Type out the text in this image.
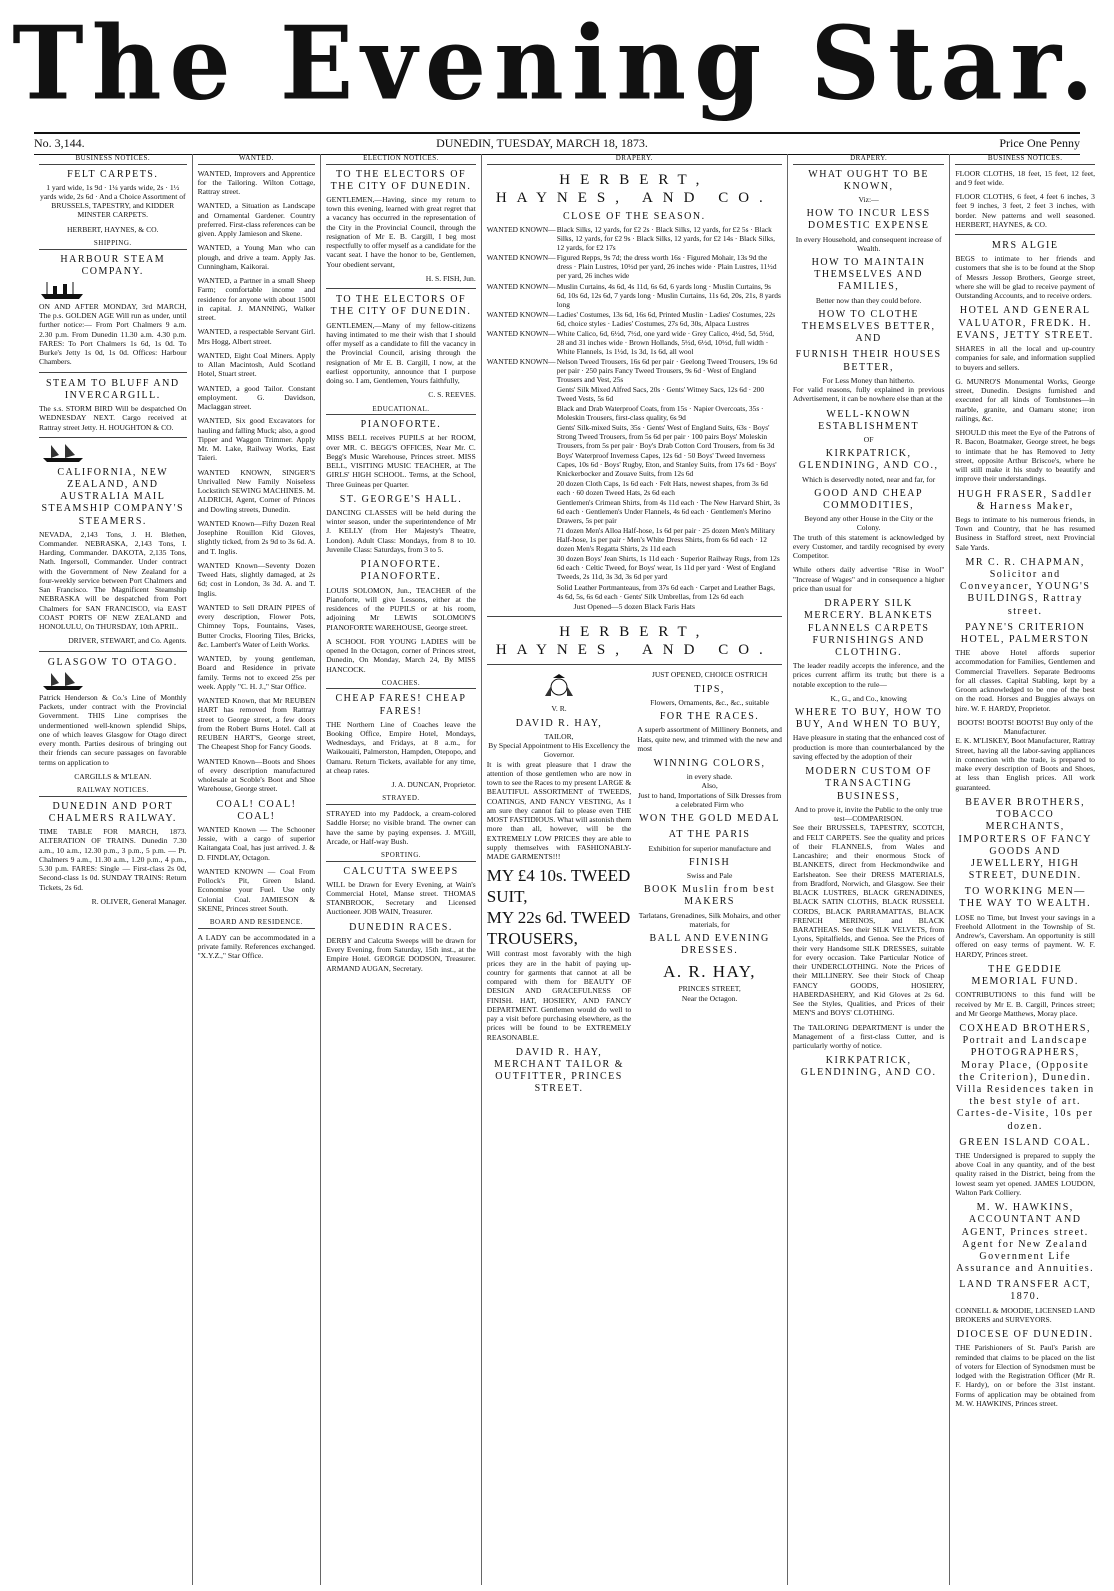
The Evening Star.
No. 3,144.	DUNEDIN, TUESDAY, MARCH 18, 1873.	Price One Penny
BUSINESS NOTICES.
FELT CARPETS.
1 yard wide, 1s 9d · 1¼ yards wide, 2s · 1½ yards wide, 2s 6d · And a Choice Assortment of BRUSSELS, TAPESTRY, and KIDDER MINSTER CARPETS.
HERBERT, HAYNES, & CO.
SHIPPING.
HARBOUR STEAM COMPANY.
ON AND AFTER MONDAY, 3rd MARCH, The p.s. GOLDEN AGE Will run as under, until further notice:— From Port Chalmers 9 a.m. 2.30 p.m. From Dunedin 11.30 a.m. 4.30 p.m. FARES: To Port Chalmers 1s 6d, 1s 0d. To Burke's Jetty 1s 0d, 1s 0d. Offices: Harbour Chambers.
STEAM TO BLUFF AND INVERCARGILL.
The s.s. STORM BIRD Will be despatched On WEDNESDAY NEXT. Cargo received at Rattray street Jetty. H. HOUGHTON & CO.
CALIFORNIA, NEW ZEALAND, AND AUSTRALIA MAIL STEAMSHIP COMPANY'S STEAMERS.
NEVADA, 2,143 Tons, J. H. Blethen, Commander. NEBRASKA, 2,143 Tons, I. Harding, Commander. DAKOTA, 2,135 Tons, Nath. Ingersoll, Commander. Under contract with the Government of New Zealand for a four-weekly service between Port Chalmers and San Francisco. The Magnificent Steamship NEBRASKA will be despatched from Port Chalmers for SAN FRANCISCO, via EAST COAST PORTS OF NEW ZEALAND and HONOLULU, On THURSDAY, 10th APRIL.
DRIVER, STEWART, and Co. Agents.
GLASGOW TO OTAGO.
Patrick Henderson & Co.'s Line of Monthly Packets, under contract with the Provincial Government. THIS Line comprises the undermentioned well-known splendid Ships, one of which leaves Glasgow for Otago direct every month. Parties desirous of bringing out their friends can secure passages on favorable terms on application to
CARGILLS & M'LEAN.
RAILWAY NOTICES.
DUNEDIN AND PORT CHALMERS RAILWAY.
TIME TABLE FOR MARCH, 1873. ALTERATION OF TRAINS. Dunedin 7.30 a.m., 10 a.m., 12.30 p.m., 3 p.m., 5 p.m. — Pt. Chalmers 9 a.m., 11.30 a.m., 1.20 p.m., 4 p.m., 5.30 p.m. FARES: Single — First-class 2s 0d, Second-class 1s 0d. SUNDAY TRAINS: Return Tickets, 2s 6d.
R. OLIVER, General Manager.
WANTED.
WANTED, Improvers and Apprentice for the Tailoring. Wilton Cottage, Rattray street.
WANTED, a Situation as Landscape and Ornamental Gardener. Country preferred. First-class references can be given. Apply Jamieson and Skene.
WANTED, a Young Man who can plough, and drive a team. Apply Jas. Cunningham, Kaikorai.
WANTED, a Partner in a small Sheep Farm; comfortable income and residence for anyone with about 1500l in capital. J. MANNING, Walker street.
WANTED, a respectable Servant Girl. Mrs Hogg, Albert street.
WANTED, Eight Coal Miners. Apply to Allan Macintosh, Auld Scotland Hotel, Stuart street.
WANTED, a good Tailor. Constant employment. G. Davidson, Maclaggan street.
WANTED, Six good Excavators for hauling and falling Muck; also, a good Tipper and Waggon Trimmer. Apply Mr. M. Lake, Railway Works, East Taieri.
WANTED KNOWN, SINGER'S Unrivalled New Family Noiseless Lockstitch SEWING MACHINES. M. ALDRICH, Agent, Corner of Princes and Dowling streets, Dunedin.
WANTED Known—Fifty Dozen Real Josephine Rouillon Kid Gloves, slightly ticked, from 2s 9d to 3s 6d. A. and T. Inglis.
WANTED Known—Seventy Dozen Tweed Hats, slightly damaged, at 2s 6d; cost in London, 3s 3d. A. and T. Inglis.
WANTED to Sell DRAIN PIPES of every description, Flower Pots, Chimney Tops, Fountains, Vases, Butter Crocks, Flooring Tiles, Bricks, &c. Lambert's Water of Leith Works.
WANTED, by young gentleman, Board and Residence in private family. Terms not to exceed 25s per week. Apply "C. H. J.," Star Office.
WANTED Known, that Mr REUBEN HART has removed from Rattray street to George street, a few doors from the Robert Burns Hotel. Call at REUBEN HART'S, George street, The Cheapest Shop for Fancy Goods.
WANTED Known—Boots and Shoes of every description manufactured wholesale at Scoble's Boot and Shoe Warehouse, George street.
COAL! COAL! COAL!
WANTED Known — The Schooner Jessie, with a cargo of superior Kaitangata Coal, has just arrived. J. & D. FINDLAY, Octagon.
WANTED KNOWN — Coal From Pollock's Pit, Green Island. Economise your Fuel. Use only Colonial Coal. JAMIESON & SKENE, Princes street South.
BOARD AND RESIDENCE.
A LADY can be accommodated in a private family. References exchanged. "X.Y.Z.," Star Office.
ELECTION NOTICES.
TO THE ELECTORS OF THE CITY OF DUNEDIN.
GENTLEMEN,—Having, since my return to town this evening, learned with great regret that a vacancy has occurred in the representation of the City in the Provincial Council, through the resignation of Mr E. B. Cargill, I beg most respectfully to offer myself as a candidate for the vacant seat. I have the honor to be, Gentlemen, Your obedient servant,
H. S. FISH, Jun.
TO THE ELECTORS OF THE CITY OF DUNEDIN.
GENTLEMEN,—Many of my fellow-citizens having intimated to me their wish that I should offer myself as a candidate to fill the vacancy in the Provincial Council, arising through the resignation of Mr E. B. Cargill, I now, at the earliest opportunity, announce that I purpose doing so. I am, Gentlemen, Yours faithfully,
C. S. REEVES.
EDUCATIONAL.
PIANOFORTE.
MISS BELL receives PUPILS at her ROOM, over MR. C. BEGG'S OFFICES, Near Mr. C. Begg's Music Warehouse, Princes street. MISS BELL, VISITING MUSIC TEACHER, at The GIRLS' HIGH SCHOOL. Terms, at the School, Three Guineas per Quarter.
ST. GEORGE'S HALL.
DANCING CLASSES will be held during the winter season, under the superintendence of Mr J. KELLY (from Her Majesty's Theatre, London). Adult Class: Mondays, from 8 to 10. Juvenile Class: Saturdays, from 3 to 5.
PIANOFORTE. PIANOFORTE.
LOUIS SOLOMON, Jun., TEACHER of the Pianoforte, will give Lessons, either at the residences of the PUPILS or at his room, adjoining Mr LEWIS SOLOMON'S PIANOFORTE WAREHOUSE, George street.
A SCHOOL FOR YOUNG LADIES will be opened In the Octagon, corner of Princes street, Dunedin, On Monday, March 24, By MISS HANCOCK.
COACHES.
CHEAP FARES! CHEAP FARES!
THE Northern Line of Coaches leave the Booking Office, Empire Hotel, Mondays, Wednesdays, and Fridays, at 8 a.m., for Waikouaiti, Palmerston, Hampden, Otepopo, and Oamaru. Return Tickets, available for any time, at cheap rates.
J. A. DUNCAN, Proprietor.
STRAYED.
STRAYED into my Paddock, a cream-colored Saddle Horse; no visible brand. The owner can have the same by paying expenses. J. M'Gill, Arcade, or Half-way Bush.
SPORTING.
CALCUTTA SWEEPS
WILL be Drawn for Every Evening, at Wain's Commercial Hotel, Manse street. THOMAS STANBROOK, Secretary and Licensed Auctioneer. JOB WAIN, Treasurer.
DUNEDIN RACES.
DERBY and Calcutta Sweeps will be drawn for Every Evening, from Saturday, 15th inst., at the Empire Hotel. GEORGE DODSON, Treasurer. ARMAND AUGAN, Secretary.
DRAPERY.
HERBERT, HAYNES, AND CO.
CLOSE OF THE SEASON.
WANTED KNOWN— Black Silks, 12 yards, for £2 2s · Black Silks, 12 yards, for £2 5s · Black Silks, 12 yards, for £2 9s · Black Silks, 12 yards, for £2 14s · Black Silks, 12 yards, for £2 17s
WANTED KNOWN— Figured Repps, 9s 7d; the dress worth 16s · Figured Mohair, 13s 9d the dress · Plain Lustres, 10½d per yard, 26 inches wide · Plain Lustres, 11½d per yard, 26 inches wide
WANTED KNOWN— Muslin Curtains, 4s 6d, 4s 11d, 6s 6d, 6 yards long · Muslin Curtains, 9s 6d, 10s 6d, 12s 6d, 7 yards long · Muslin Curtains, 11s 6d, 20s, 21s, 8 yards long
WANTED KNOWN— Ladies' Costumes, 13s 6d, 16s 6d, Printed Muslin · Ladies' Costumes, 22s 6d, choice styles · Ladies' Costumes, 27s 6d, 30s, Alpaca Lustres
WANTED KNOWN— White Calico, 6d, 6½d, 7½d, one yard wide · Grey Calico, 4½d, 5d, 5½d, 28 and 31 inches wide · Brown Hollands, 5½d, 6½d, 10½d, full width · White Flannels, 1s 1½d, 1s 3d, 1s 6d, all wool
WANTED KNOWN— Nelson Tweed Trousers, 16s 6d per pair · Geelong Tweed Trousers, 19s 6d per pair · 250 pairs Fancy Tweed Trousers, 9s 6d · West of England Trousers and Vest, 25s
Gents' Silk Mixed Alfred Sacs, 20s · Gents' Witney Sacs, 12s 6d · 200 Tweed Vests, 5s 6d
Black and Drab Waterproof Coats, from 15s · Napier Overcoats, 35s · Moleskin Trousers, first-class quality, 6s 9d
Gents' Silk-mixed Suits, 35s · Gents' West of England Suits, 63s · Boys' Strong Tweed Trousers, from 5s 6d per pair · 100 pairs Boys' Moleskin Trousers, from 5s per pair · Boy's Drab Cotton Cord Trousers, from 6s 3d
Boys' Waterproof Inverness Capes, 12s 6d · 50 Boys' Tweed Inverness Capes, 10s 6d · Boys' Rugby, Eton, and Stanley Suits, from 17s 6d · Boys' Knickerbocker and Zouave Suits, from 12s 6d
20 dozen Cloth Caps, 1s 6d each · Felt Hats, newest shapes, from 3s 6d each · 60 dozen Tweed Hats, 2s 6d each
Gentlemen's Crimean Shirts, from 4s 11d each · The New Harvard Shirt, 3s 6d each · Gentlemen's Under Flannels, 4s 6d each · Gentlemen's Merino Drawers, 5s per pair
71 dozen Men's Alloa Half-hose, 1s 6d per pair · 25 dozen Men's Military Half-hose, 1s per pair · Men's White Dress Shirts, from 6s 6d each · 12 dozen Men's Regatta Shirts, 2s 11d each
30 dozen Boys' Jean Shirts, 1s 11d each · Superior Railway Rugs, from 12s 6d each · Celtic Tweed, for Boys' wear, 1s 11d per yard · West of England Tweeds, 2s 11d, 3s 3d, 3s 6d per yard
Solid Leather Portmanteaus, from 37s 6d each · Carpet and Leather Bags, 4s 6d, 5s, 6s 6d each · Gents' Silk Umbrellas, from 12s 6d each
Just Opened—5 dozen Black Faris Hats
HERBERT, HAYNES, AND CO.
V. R.
DAVID R. HAY,
TAILOR,
By Special Appointment to His Excellency the Governor.
It is with great pleasure that I draw the attention of those gentlemen who are now in town to see the Races to my present LARGE & BEAUTIFUL ASSORTMENT of TWEEDS, COATINGS, AND FANCY VESTING, As I am sure they cannot fail to please even THE MOST FASTIDIOUS. What will astonish them more than all, however, will be the EXTREMELY LOW PRICES they are able to supply themselves with FASHIONABLY-MADE GARMENTS!!!
MY £4 10s. TWEED SUIT,
MY 22s 6d. TWEED TROUSERS,
Will contrast most favorably with the high prices they are in the habit of paying up-country for garments that cannot at all be compared with them for BEAUTY OF DESIGN AND GRACEFULNESS OF FINISH. HAT, HOSIERY, AND FANCY DEPARTMENT. Gentlemen would do well to pay a visit before purchasing elsewhere, as the prices will be found to be EXTREMELY REASONABLE.
DAVID R. HAY, MERCHANT TAILOR & OUTFITTER, PRINCES STREET.
JUST OPENED, CHOICE OSTRICH
TIPS,
Flowers, Ornaments, &c., &c., suitable
FOR THE RACES.
A superb assortment of Millinery Bonnets, and Hats, quite new, and trimmed with the new and most
WINNING COLORS,
in every shade.
Also,
Just to hand, Importations of Silk Dresses from a celebrated Firm who
WON THE GOLD MEDAL
AT THE PARIS
Exhibition for superior manufacture and
FINISH
Swiss and Pale
BOOK Muslin from best MAKERS
Tarlatans, Grenadines, Silk Mohairs, and other materials, for
BALL AND EVENING DRESSES.
A. R. HAY,
PRINCES STREET,
Near the Octagon.
DRAPERY.
WHAT OUGHT TO BE KNOWN,
Viz:—
HOW TO INCUR LESS DOMESTIC EXPENSE
In every Household, and consequent increase of Wealth.
HOW TO MAINTAIN THEMSELVES AND FAMILIES,
Better now than they could before.
HOW TO CLOTHE THEMSELVES BETTER, AND
FURNISH THEIR HOUSES BETTER,
For Less Money than hitherto.
For valid reasons, fully explained in previous Advertisement, it can be nowhere else than at the
WELL-KNOWN ESTABLISHMENT
OF
KIRKPATRICK, GLENDINING, AND CO.,
Which is deservedly noted, near and far, for
GOOD AND CHEAP COMMODITIES,
Beyond any other House in the City or the Colony.
The truth of this statement is acknowledged by every Customer, and tardily recognised by every Competitor.
While others daily advertise "Rise in Wool" "Increase of Wages" and in consequence a higher price than usual for
DRAPERY SILK MERCERY. BLANKETS FLANNELS CARPETS FURNISHINGS AND CLOTHING.
The leader readily accepts the inference, and the prices current affirm its truth; but there is a notable exception to the rule—
K., G., and Co., knowing
WHERE TO BUY, HOW TO BUY, And WHEN TO BUY,
Have pleasure in stating that the enhanced cost of production is more than counterbalanced by the saving effected by the adoption of their
MODERN CUSTOM OF TRANSACTING BUSINESS,
And to prove it, invite the Public to the only true test—COMPARISON.
See their BRUSSELS, TAPESTRY, SCOTCH, and FELT CARPETS. See the quality and prices of their FLANNELS, from Wales and Lancashire; and their enormous Stock of BLANKETS, direct from Heckmondwike and Earlsheaton. See their DRESS MATERIALS, from Bradford, Norwich, and Glasgow. See their BLACK LUSTRES, BLACK GRENADINES, BLACK SATIN CLOTHS, BLACK RUSSELL CORDS, BLACK PARRAMATTAS, BLACK FRENCH MERINOS, and BLACK BARATHEAS. See their SILK VELVETS, from Lyons, Spitalfields, and Genoa. See the Prices of their very Handsome SILK DRESSES, suitable for every occasion. Take Particular Notice of their UNDERCLOTHING. Note the Prices of their MILLINERY. See their Stock of Cheap FANCY GOODS, HOSIERY, HABERDASHERY, and Kid Gloves at 2s 6d. See the Styles, Qualities, and Prices of their MEN'S and BOYS' CLOTHING.
The TAILORING DEPARTMENT is under the Management of a first-class Cutter, and is particularly worthy of notice.
KIRKPATRICK, GLENDINING, AND CO.
BUSINESS NOTICES.
FLOOR CLOTHS, 18 feet, 15 feet, 12 feet, and 9 feet wide.
FLOOR CLOTHS, 6 feet, 4 feet 6 inches, 3 feet 9 inches, 3 feet, 2 feet 3 inches, with border. New patterns and well seasoned. HERBERT, HAYNES, & CO.
MRS ALGIE
BEGS to intimate to her friends and customers that she is to be found at the Shop of Messrs Jessop Brothers, George street, where she will be glad to receive payment of Outstanding Accounts, and to receive orders.
HOTEL AND GENERAL VALUATOR, FREDK. H. EVANS, JETTY STREET.
SHARES in all the local and up-country companies for sale, and information supplied to buyers and sellers.
G. MUNRO'S Monumental Works, George street, Dunedin. Designs furnished and executed for all kinds of Tombstones—in marble, granite, and Oamaru stone; iron railings, &c.
SHOULD this meet the Eye of the Patrons of R. Bacon, Boatmaker, George street, he begs to intimate that he has Removed to Jetty street, opposite Arthur Briscoe's, where he will still make it his study to beautify and improve their understandings.
HUGH FRASER, Saddler & Harness Maker,
Begs to intimate to his numerous friends, in Town and Country, that he has resumed Business in Stafford street, next Provincial Sale Yards.
MR C. R. CHAPMAN, Solicitor and Conveyancer, YOUNG'S BUILDINGS, Rattray street.
PAYNE'S CRITERION HOTEL, PALMERSTON
THE above Hotel affords superior accommodation for Families, Gentlemen and Commercial Travellers. Separate Bedrooms for all classes. Capital Stabling, kept by a Groom acknowledged to be one of the best on the road. Horses and Buggies always on hire. W. F. HARDY, Proprietor.
BOOTS! BOOTS! BOOTS! Buy only of the Manufacturer.
E. K. M'LISKEY, Boot Manufacturer, Rattray Street, having all the labor-saving appliances in connection with the trade, is prepared to make every description of Boots and Shoes, at less than English prices. All work guaranteed.
BEAVER BROTHERS, TOBACCO MERCHANTS, IMPORTERS OF FANCY GOODS AND JEWELLERY, HIGH STREET, DUNEDIN.
TO WORKING MEN—THE WAY TO WEALTH.
LOSE no Time, but Invest your savings in a Freehold Allotment in the Township of St. Andrew's, Caversham. An opportunity is still offered on easy terms of payment. W. F. HARDY, Princes street.
THE GEDDIE MEMORIAL FUND.
CONTRIBUTIONS to this fund will be received by Mr E. B. Cargill, Princes street; and Mr George Matthews, Moray place.
COXHEAD BROTHERS, Portrait and Landscape PHOTOGRAPHERS, Moray Place, (Opposite the Criterion), Dunedin. Villa Residences taken in the best style of art. Cartes-de-Visite, 10s per dozen.
GREEN ISLAND COAL.
THE Undersigned is prepared to supply the above Coal in any quantity, and of the best quality raised in the District, being from the lowest seam yet opened. JAMES LOUDON, Walton Park Colliery.
M. W. HAWKINS, ACCOUNTANT AND AGENT, Princes street. Agent for New Zealand Government Life Assurance and Annuities.
LAND TRANSFER ACT, 1870.
CONNELL & MOODIE, LICENSED LAND BROKERS and SURVEYORS.
DIOCESE OF DUNEDIN.
THE Parishioners of St. Paul's Parish are reminded that claims to be placed on the list of voters for Election of Synodsmen must be lodged with the Registration Officer (Mr R. F. Hardy), on or before the 31st instant. Forms of application may be obtained from M. W. HAWKINS, Princes street.
